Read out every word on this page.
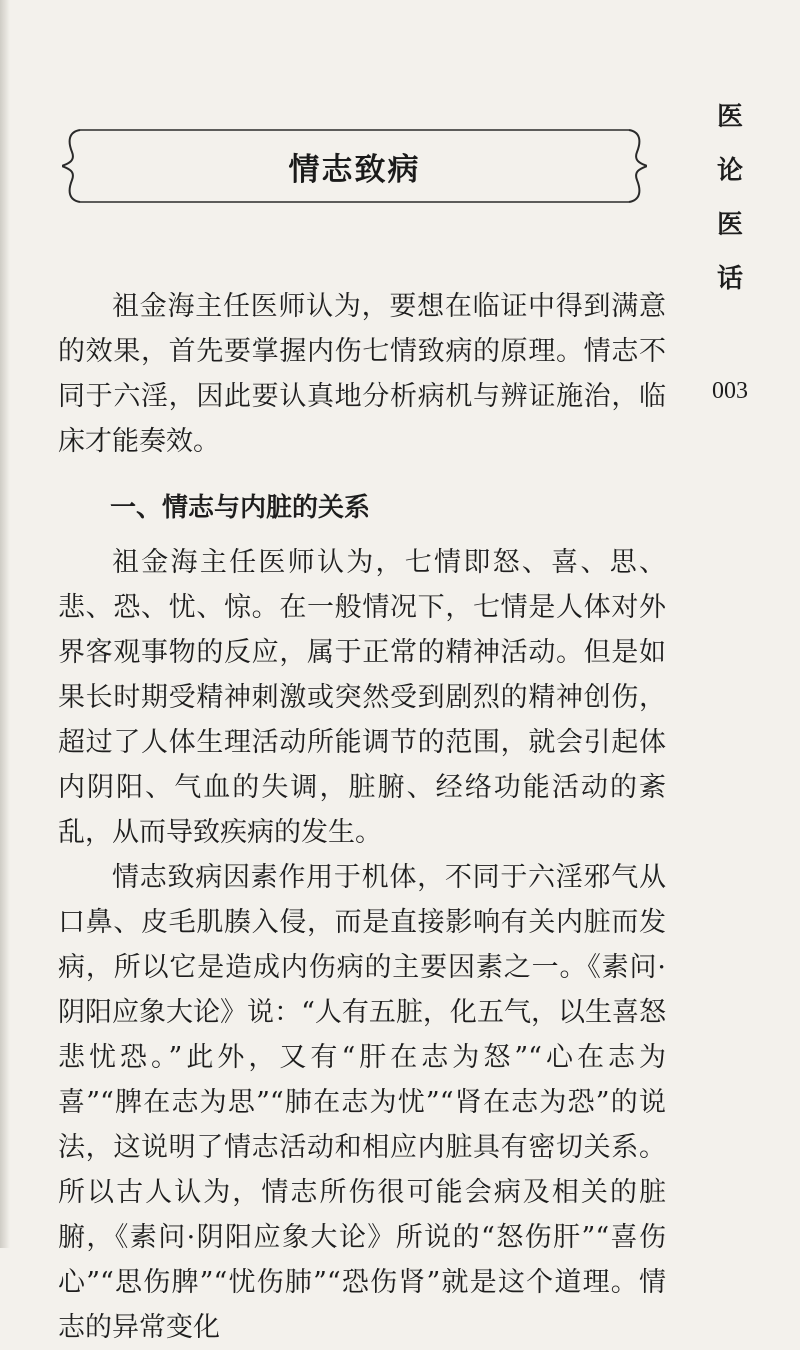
情志致病
医
论
医
话
003

祖金海主任医师认为，要想在临证中得到满意的效果，首先要掌握内伤七情致病的原理。情志不同于六淫，因此要认真地分析病机与辨证施治，临床才能奏效。

一、情志与内脏的关系

祖金海主任医师认为，七情即怒、喜、思、悲、恐、忧、惊。在一般情况下，七情是人体对外界客观事物的反应，属于正常的精神活动。但是如果长时期受精神刺激或突然受到剧烈的精神创伤，超过了人体生理活动所能调节的范围，就会引起体内阴阳、气血的失调，脏腑、经络功能活动的紊乱，从而导致疾病的发生。

情志致病因素作用于机体，不同于六淫邪气从口鼻、皮毛肌腠入侵，而是直接影响有关内脏而发病，所以它是造成内伤病的主要因素之一。《素问·阴阳应象大论》说：“人有五脏，化五气，以生喜怒悲忧恐。”此外，又有“肝在志为怒”“心在志为喜”“脾在志为思”“肺在志为忧”“肾在志为恐”的说法，这说明了情志活动和相应内脏具有密切关系。所以古人认为，情志所伤很可能会病及相关的脏腑，《素问·阴阳应象大论》所说的“怒伤肝”“喜伤心”“思伤脾”“忧伤肺”“恐伤肾”就是这个道理。情志的异常变化
